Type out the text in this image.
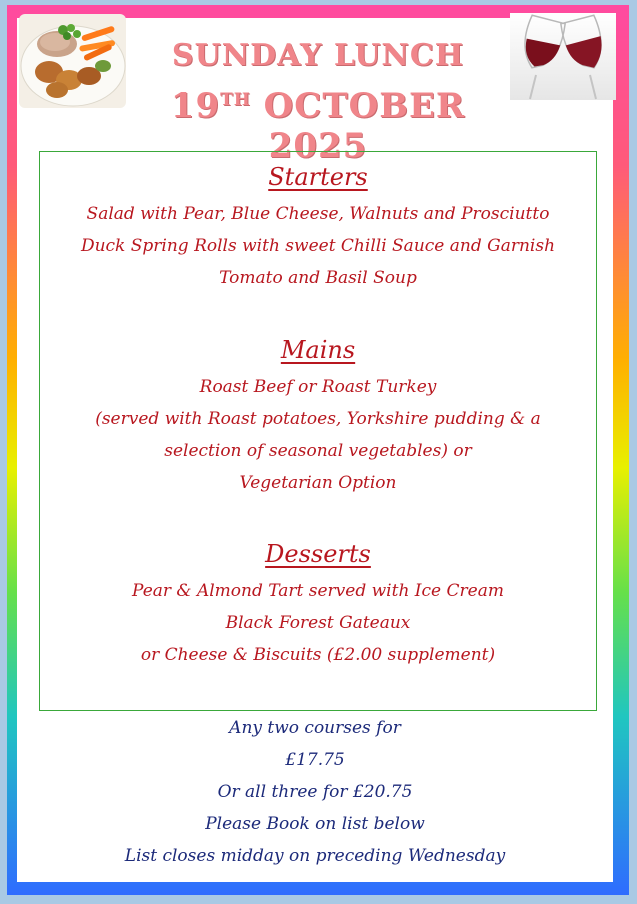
SUNDAY LUNCH
19TH OCTOBER 2025
Starters
Salad with Pear, Blue Cheese, Walnuts and Prosciutto
Duck Spring Rolls with sweet Chilli Sauce and Garnish
Tomato and Basil Soup
Mains
Roast Beef or Roast Turkey
(served with Roast potatoes, Yorkshire pudding & a
selection of seasonal vegetables) or
Vegetarian Option
Desserts
Pear & Almond Tart served with Ice Cream
Black Forest Gateaux
or Cheese & Biscuits (£2.00 supplement)
Any two courses for
£17.75
Or all three for £20.75
Please Book on list below
List closes midday on preceding Wednesday
